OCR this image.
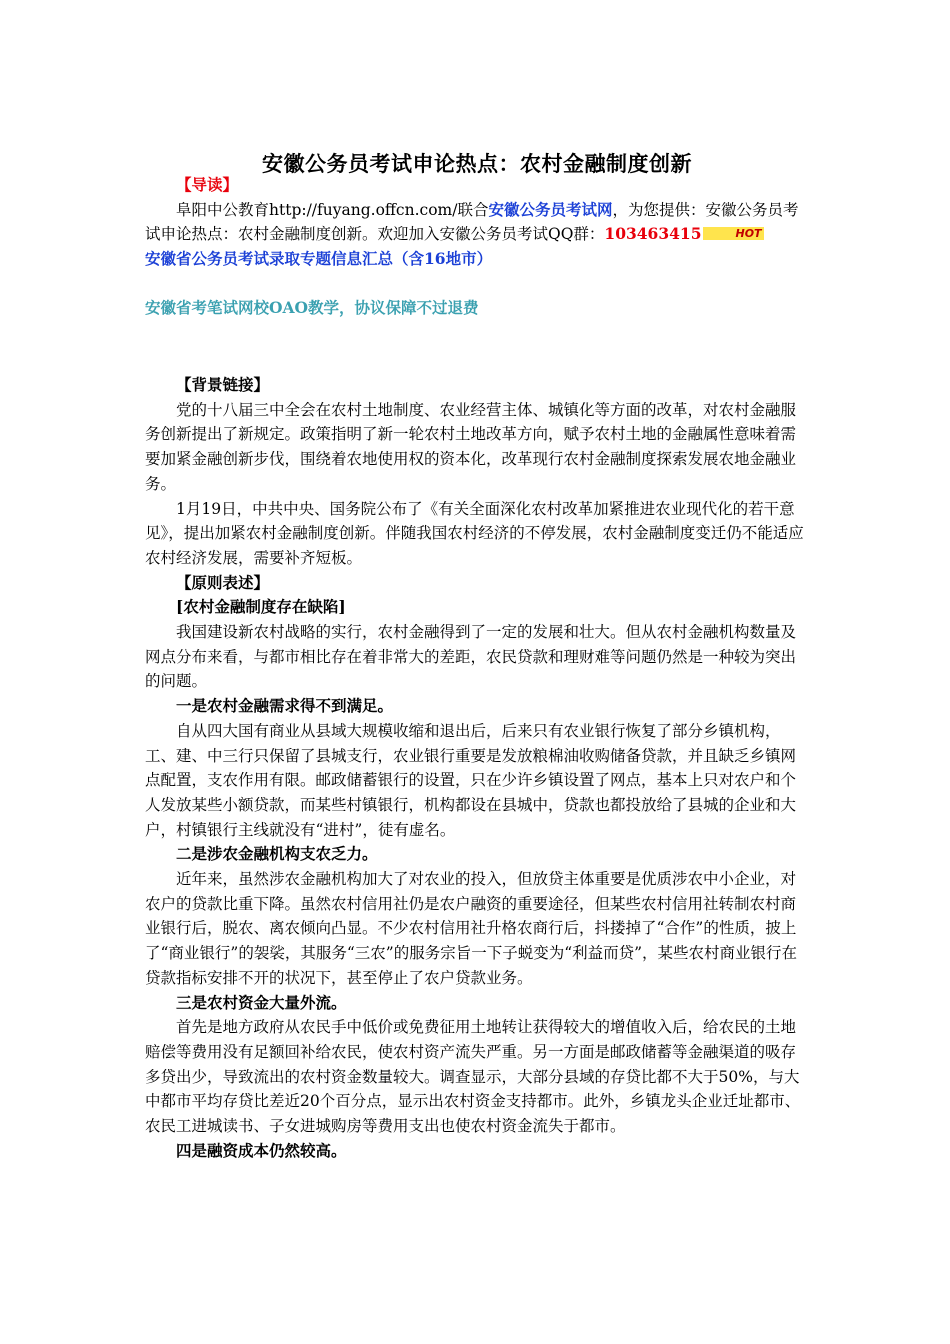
安徽公务员考试申论热点：农村金融制度创新

【导读】

阜阳中公教育http://fuyang.offcn.com/联合安徽公务员考试网，为您提供：安徽公务员考试申论热点：农村金融制度创新。欢迎加入安徽公务员考试QQ群：103463415	HOT

安徽省公务员考试录取专题信息汇总（含16地市）

安徽省考笔试网校OAO教学，协议保障不过退费

【背景链接】

党的十八届三中全会在农村土地制度、农业经营主体、城镇化等方面的改革，对农村金融服务创新提出了新规定。政策指明了新一轮农村土地改革方向，赋予农村土地的金融属性意味着需要加紧金融创新步伐，围绕着农地使用权的资本化，改革现行农村金融制度探索发展农地金融业务。

1月19日，中共中央、国务院公布了《有关全面深化农村改革加紧推进农业现代化的若干意见》，提出加紧农村金融制度创新。伴随我国农村经济的不停发展，农村金融制度变迁仍不能适应农村经济发展，需要补齐短板。

【原则表述】

[农村金融制度存在缺陷]

我国建设新农村战略的实行，农村金融得到了一定的发展和壮大。但从农村金融机构数量及网点分布来看，与都市相比存在着非常大的差距，农民贷款和理财难等问题仍然是一种较为突出的问题。

一是农村金融需求得不到满足。

自从四大国有商业从县域大规模收缩和退出后，后来只有农业银行恢复了部分乡镇机构，工、建、中三行只保留了县城支行，农业银行重要是发放粮棉油收购储备贷款，并且缺乏乡镇网点配置，支农作用有限。邮政储蓄银行的设置，只在少许乡镇设置了网点，基本上只对农户和个人发放某些小额贷款，而某些村镇银行，机构都设在县城中，贷款也都投放给了县城的企业和大户，村镇银行主线就没有“进村”，徒有虚名。

二是涉农金融机构支农乏力。

近年来，虽然涉农金融机构加大了对农业的投入，但放贷主体重要是优质涉农中小企业，对农户的贷款比重下降。虽然农村信用社仍是农户融资的重要途径，但某些农村信用社转制农村商业银行后，脱农、离农倾向凸显。不少农村信用社升格农商行后，抖搂掉了“合作”的性质，披上了“商业银行”的袈裟，其服务“三农”的服务宗旨一下子蜕变为“利益而贷”，某些农村商业银行在贷款指标安排不开的状况下，甚至停止了农户贷款业务。

三是农村资金大量外流。

首先是地方政府从农民手中低价或免费征用土地转让获得较大的增值收入后，给农民的土地赔偿等费用没有足额回补给农民，使农村资产流失严重。另一方面是邮政储蓄等金融渠道的吸存多贷出少，导致流出的农村资金数量较大。调查显示，大部分县域的存贷比都不大于50%，与大中都市平均存贷比差近20个百分点，显示出农村资金支持都市。此外，乡镇龙头企业迁址都市、农民工进城读书、子女进城购房等费用支出也使农村资金流失于都市。

四是融资成本仍然较高。
